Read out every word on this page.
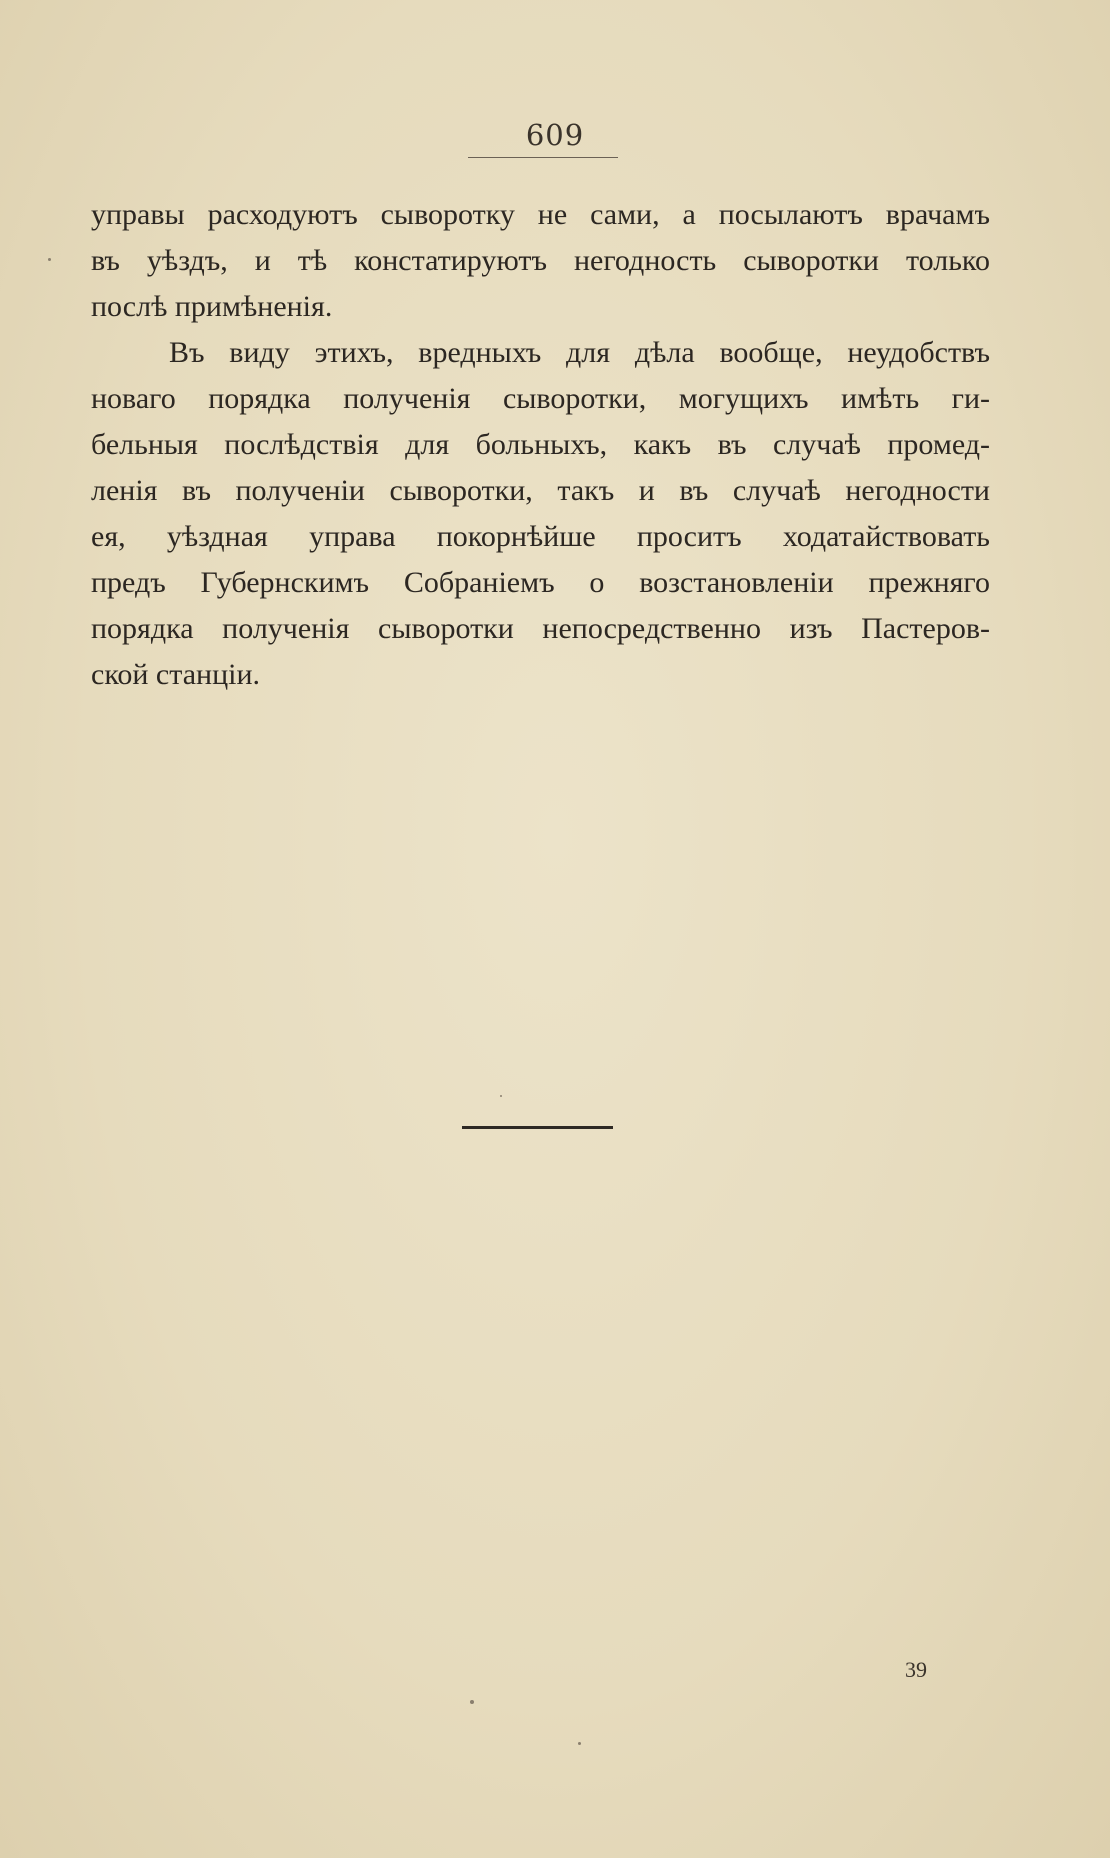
609
управы расходуютъ сыворотку не сами, а посылаютъ врачамъ
въ уѣздъ, и тѣ констатируютъ негодность сыворотки только
послѣ примѣненія.
Въ виду этихъ, вредныхъ для дѣла вообще, неудобствъ
новаго порядка полученія сыворотки, могущихъ имѣть ги-
бельныя послѣдствія для больныхъ, какъ въ случаѣ промед-
ленія въ полученіи сыворотки, такъ и въ случаѣ негодности
ея, уѣздная управа покорнѣйше проситъ ходатайствовать
предъ Губернскимъ Собраніемъ о возстановленіи прежняго
порядка полученія сыворотки непосредственно изъ Пастеров-
ской станціи.
39
